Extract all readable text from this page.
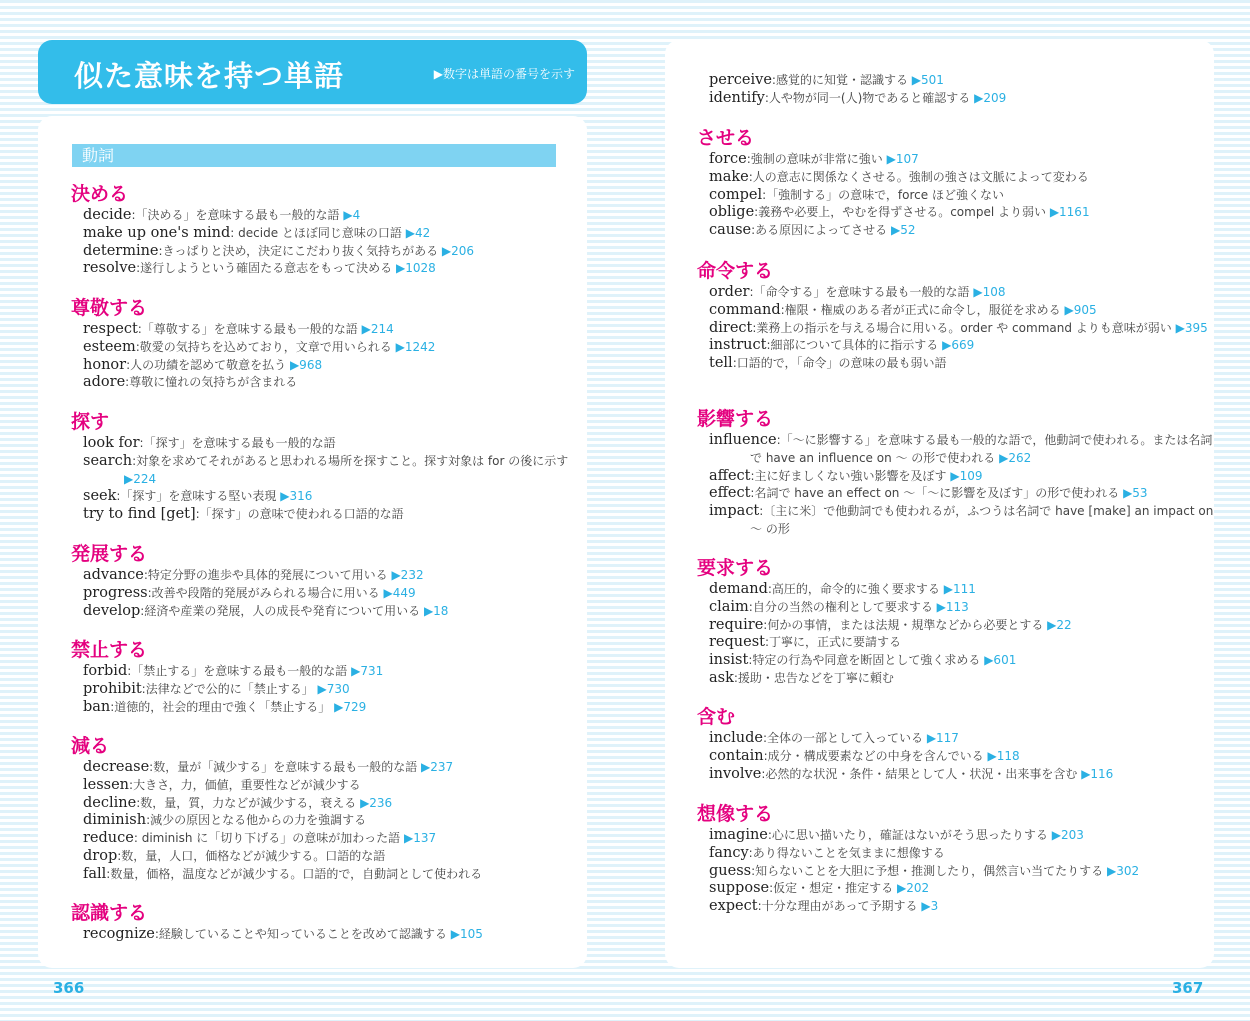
似た意味を持つ単語	▶数字は単語の番号を示す
動詞
決める
decide:「決める」を意味する最も一般的な語 ▶4
make up one's mind: decide とほぼ同じ意味の口語 ▶42
determine:きっぱりと決め，決定にこだわり抜く気持ちがある ▶206
resolve:遂行しようという確固たる意志をもって決める ▶1028
尊敬する
respect:「尊敬する」を意味する最も一般的な語 ▶214
esteem:敬愛の気持ちを込めており，文章で用いられる ▶1242
honor:人の功績を認めて敬意を払う ▶968
adore:尊敬に憧れの気持ちが含まれる
探す
look for:「探す」を意味する最も一般的な語
search:対象を求めてそれがあると思われる場所を探すこと。探す対象は for の後に示す ▶224
seek:「探す」を意味する堅い表現 ▶316
try to find [get]:「探す」の意味で使われる口語的な語
発展する
advance:特定分野の進歩や具体的発展について用いる ▶232
progress:改善や段階的発展がみられる場合に用いる ▶449
develop:経済や産業の発展，人の成長や発育について用いる ▶18
禁止する
forbid:「禁止する」を意味する最も一般的な語 ▶731
prohibit:法律などで公的に「禁止する」 ▶730
ban:道徳的，社会的理由で強く「禁止する」 ▶729
減る
decrease:数，量が「減少する」を意味する最も一般的な語 ▶237
lessen:大きさ，力，価値，重要性などが減少する
decline:数，量，質，力などが減少する，衰える ▶236
diminish:減少の原因となる他からの力を強調する
reduce: diminish に「切り下げる」の意味が加わった語 ▶137
drop:数，量，人口，価格などが減少する。口語的な語
fall:数量，価格，温度などが減少する。口語的で，自動詞として使われる
認識する
recognize:経験していることや知っていることを改めて認識する ▶105
perceive:感覚的に知覚・認識する ▶501
identify:人や物が同一(人)物であると確認する ▶209
させる
force:強制の意味が非常に強い ▶107
make:人の意志に関係なくさせる。強制の強さは文脈によって変わる
compel:「強制する」の意味で，force ほど強くない
oblige:義務や必要上，やむを得ずさせる。compel より弱い ▶1161
cause:ある原因によってさせる ▶52
命令する
order:「命令する」を意味する最も一般的な語 ▶108
command:権限・権威のある者が正式に命令し，服従を求める ▶905
direct:業務上の指示を与える場合に用いる。order や command よりも意味が弱い ▶395
instruct:細部について具体的に指示する ▶669
tell:口語的で，「命令」の意味の最も弱い語
影響する
influence:「〜に影響する」を意味する最も一般的な語で，他動詞で使われる。または名詞で have an influence on 〜 の形で使われる ▶262
affect:主に好ましくない強い影響を及ぼす ▶109
effect:名詞で have an effect on 〜「〜に影響を及ぼす」の形で使われる ▶53
impact:〔主に米〕で他動詞でも使われるが，ふつうは名詞で have [make] an impact on 〜 の形
要求する
demand:高圧的，命令的に強く要求する ▶111
claim:自分の当然の権利として要求する ▶113
require:何かの事情，または法規・規準などから必要とする ▶22
request:丁寧に，正式に要請する
insist:特定の行為や同意を断固として強く求める ▶601
ask:援助・忠告などを丁寧に頼む
含む
include:全体の一部として入っている ▶117
contain:成分・構成要素などの中身を含んでいる ▶118
involve:必然的な状況・条件・結果として人・状況・出来事を含む ▶116
想像する
imagine:心に思い描いたり，確証はないがそう思ったりする ▶203
fancy:あり得ないことを気ままに想像する
guess:知らないことを大胆に予想・推測したり，偶然言い当てたりする ▶302
suppose:仮定・想定・推定する ▶202
expect:十分な理由があって予期する ▶3
366	367
